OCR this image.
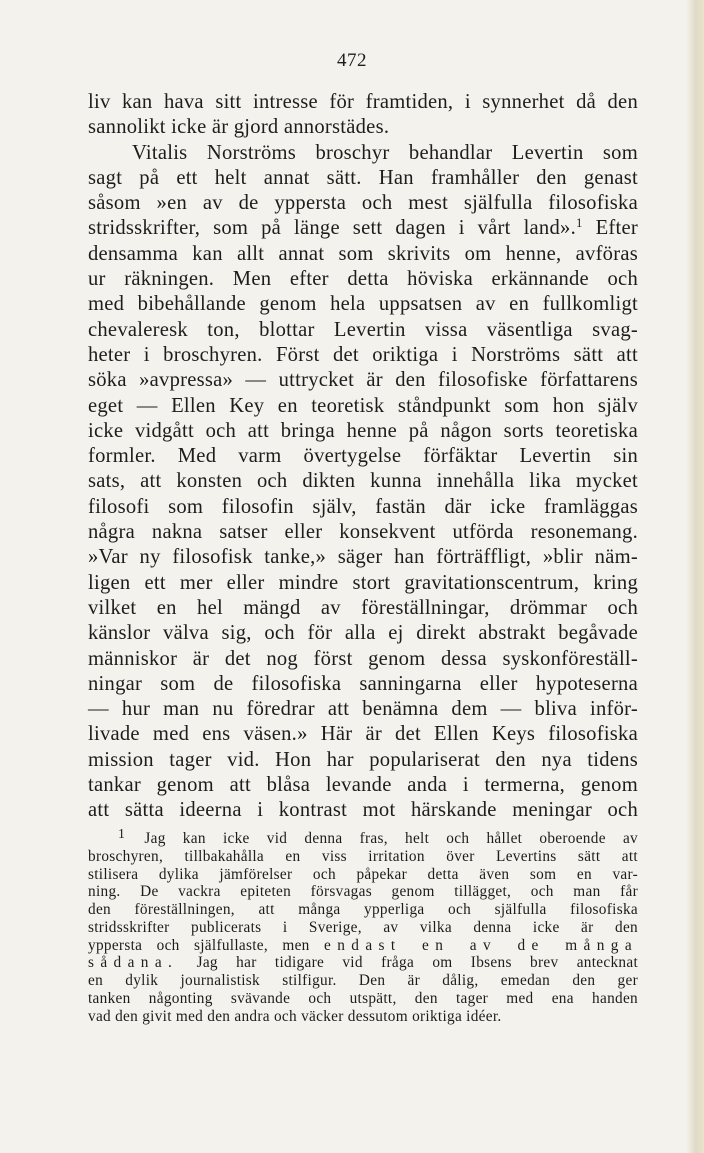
472
liv kan hava sitt intresse för framtiden, i synnerhet då den
sannolikt icke är gjord annorstädes.
Vitalis Norströms broschyr behandlar Levertin som
sagt på ett helt annat sätt. Han framhåller den genast
såsom »en av de yppersta och mest själfulla filosofiska
stridsskrifter, som på länge sett dagen i vårt land».$^1$ Efter
densamma kan allt annat som skrivits om henne, avföras
ur räkningen. Men efter detta höviska erkännande och
med bibehållande genom hela uppsatsen av en fullkomligt
chevaleresk ton, blottar Levertin vissa väsentliga svag-
heter i broschyren. Först det oriktiga i Norströms sätt att
söka »avpressa» — uttrycket är den filosofiske författarens
eget — Ellen Key en teoretisk ståndpunkt som hon själv
icke vidgått och att bringa henne på någon sorts teoretiska
formler. Med varm övertygelse förfäktar Levertin sin
sats, att konsten och dikten kunna innehålla lika mycket
filosofi som filosofin själv, fastän där icke framläggas
några nakna satser eller konsekvent utförda resonemang.
»Var ny filosofisk tanke,» säger han förträffligt, »blir näm-
ligen ett mer eller mindre stort gravitationscentrum, kring
vilket en hel mängd av föreställningar, drömmar och
känslor välva sig, och för alla ej direkt abstrakt begåvade
människor är det nog först genom dessa syskonföreställ-
ningar som de filosofiska sanningarna eller hypoteserna
— hur man nu föredrar att benämna dem — bliva inför-
livade med ens väsen.» Här är det Ellen Keys filosofiska
mission tager vid. Hon har populariserat den nya tidens
tankar genom att blåsa levande anda i termerna, genom
att sätta ideerna i kontrast mot härskande meningar och
1 Jag kan icke vid denna fras, helt och hållet oberoende av
broschyren, tillbakahålla en viss irritation över Levertins sätt att
stilisera dylika jämförelser och påpekar detta även som en var-
ning. De vackra epiteten försvagas genom tillägget, och man får
den föreställningen, att många ypperliga och själfulla filosofiska
stridsskrifter publicerats i Sverige, av vilka denna icke är den
yppersta och själfullaste, men endast en av de många
sådana. Jag har tidigare vid fråga om Ibsens brev antecknat
en dylik journalistisk stilfigur. Den är dålig, emedan den ger
tanken någonting svävande och utspätt, den tager med ena handen
vad den givit med den andra och väcker dessutom oriktiga idéer.
